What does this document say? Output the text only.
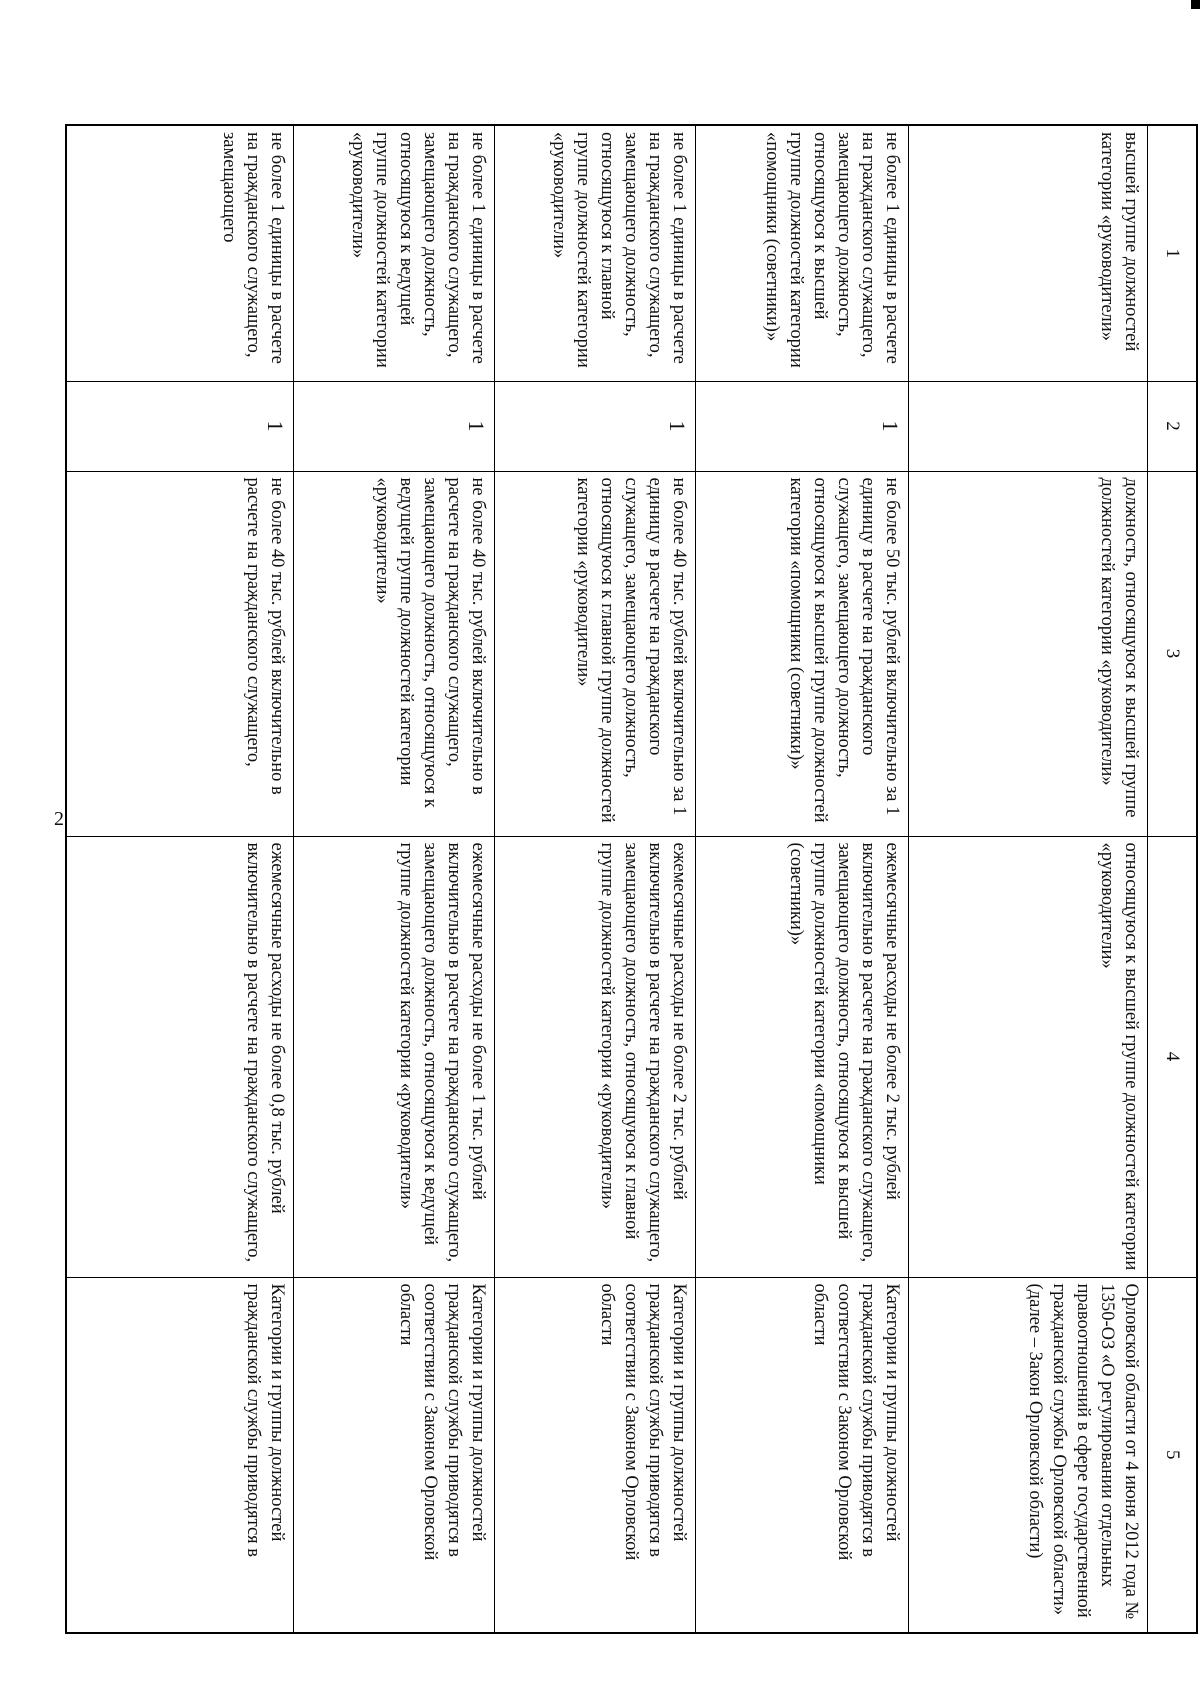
2
1	2	3	4	5
высшей группе должностей категории «руководители»		должность, относящуюся к высшей группе должностей категории «руководители»	относящуюся к высшей группе должностей категории «руководители»	Орловской области от 4 июня 2012 года № 1350-ОЗ «О регулировании отдельных правоотношений в сфере государственной гражданской службы Орловской области» (далее – Закон Орловской области)
не более 1 единицы в расчете на гражданского служащего, замещающего должность, относящуюся к высшей группе должностей категории «помощники (советники)»	1	не более 50 тыс. рублей включительно за 1 единицу в расчете на гражданского служащего, замещающего должность, относящуюся к высшей группе должностей категории «помощники (советники)»	ежемесячные расходы не более 2 тыс. рублей включительно в расчете на гражданского служащего, замещающего должность, относящуюся к высшей группе должностей категории «помощники (советники)»	Категории и группы должностей гражданской службы приводятся в соответствии с Законом Орловской области
не более 1 единицы в расчете на гражданского служащего, замещающего должность, относящуюся к главной группе должностей категории «руководители»	1	не более 40 тыс. рублей включительно за 1 единицу в расчете на гражданского служащего, замещающего должность, относящуюся к главной группе должностей категории «руководители»	ежемесячные расходы не более 2 тыс. рублей включительно в расчете на гражданского служащего, замещающего должность, относящуюся к главной группе должностей категории «руководители»	Категории и группы должностей гражданской службы приводятся в соответствии с Законом Орловской области
не более 1 единицы в расчете на гражданского служащего, замещающего должность, относящуюся к ведущей группе должностей категории «руководители»	1	не более 40 тыс. рублей включительно в расчете на гражданского служащего, замещающего должность, относящуюся к ведущей группе должностей категории «руководители»	ежемесячные расходы не более 1 тыс. рублей включительно в расчете на гражданского служащего, замещающего должность, относящуюся к ведущей группе должностей категории «руководители»	Категории и группы должностей гражданской службы приводятся в соответствии с Законом Орловской области
не более 1 единицы в расчете на гражданского служащего, замещающего	1	не более 40 тыс. рублей включительно в расчете на гражданского служащего,	ежемесячные расходы не более 0,8 тыс. рублей включительно в расчете на гражданского служащего,	Категории и группы должностей гражданской службы приводятся в
